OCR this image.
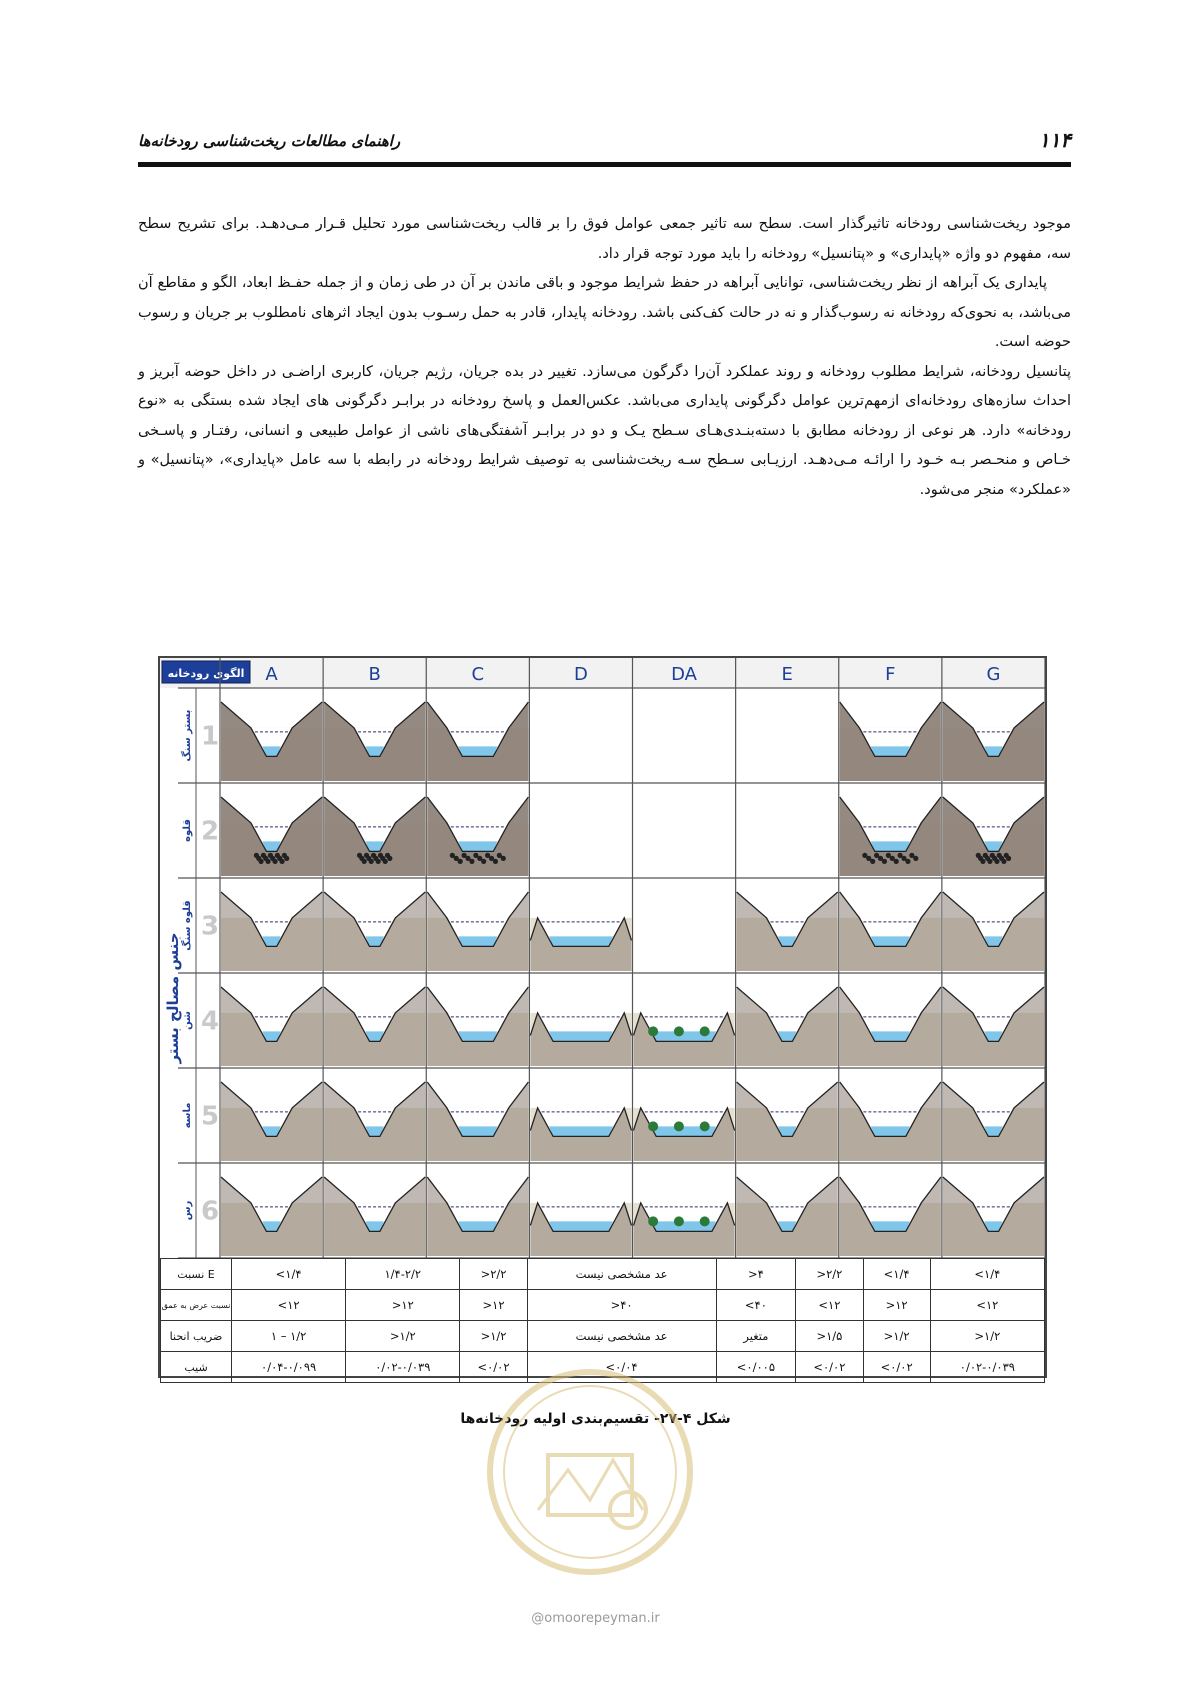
راهنمای مطالعات ریخت‌شناسی رودخانه‌ها	۱۱۴

موجود ریخت‌شناسی رودخانه تاثیرگذار است. سطح سه تاثیر جمعی عوامل فوق را بر قالب ریخت‌شناسی مورد تحلیل قـرار مـی‌دهـد. برای تشریح سطح سه، مفهوم دو واژه «پایداری» و «پتانسیل» رودخانه را باید مورد توجه قرار داد.

پایداری یک آبراهه از نظر ریخت‌شناسی، توانایی آبراهه در حفظ شرایط موجود و باقی ماندن بر آن در طی زمان و از جمله حفـظ ابعاد، الگو و مقاطع آن می‌باشد، به نحوی‌که رودخانه نه رسوب‌گذار و نه در حالت کف‌کنی باشد. رودخانه پایدار، قادر به حمل رسـوب بدون ایجاد اثرهای نامطلوب بر جریان و رسوب حوضه است.

پتانسیل رودخانه، شرایط مطلوب رودخانه و روند عملکرد آن‌را دگرگون می‌سازد. تغییر در بده جریان، رژیم جریان، کاربری اراضـی در داخل حوضه آبریز و احداث سازه‌های رودخانه‌ای ازمهم‌ترین عوامل دگرگونی پایداری می‌باشد. عکس‌العمل و پاسخ رودخانه در برابـر دگرگونی های ایجاد شده بستگی به «نوع رودخانه» دارد. هر نوعی از رودخانه مطابق با دسته‌بنـدی‌هـای سـطح یـک و دو در برابـر آشفتگی‌های ناشی از عوامل طبیعی و انسانی، رفتـار و پاسـخی خـاص و منحـصر بـه خـود را ارائـه مـی‌دهـد. ارزیـابی سـطح سـه ریخت‌شناسی به توصیف شرایط رودخانه در رابطه با سه عامل «پایداری»، «پتانسیل» و «عملکرد» منجر می‌شود.

A	B	C	D	DA	E	F	G
الگوی رودخانه
جنس مصالح بستر
بستر سنگ 1
قلوه 2
قلوه سنگ 3
شن 4
ماسه 5
رس 6
نسبت E	<۱/۴	۱/۴-۲/۲	>۲/۲	عد مشخصی نیست	>۴	>۲/۲	<۱/۴	<۱/۴
نسبت عرض به عمق	<۱۲	>۱۲	>۱۲	>۴۰	<۴۰	<۱۲	>۱۲	<۱۲
ضریب انحنا	۱ – ۱/۲	>۱/۲	>۱/۲	عد مشخصی نیست	متغیر	>۱/۵	>۱/۲	>۱/۲
شیب	۰/۰۴-۰/۰۹۹	۰/۰۲-۰/۰۳۹	<۰/۰۲	<۰/۰۴	<۰/۰۰۵	<۰/۰۲	<۰/۰۲	۰/۰۲-۰/۰۳۹
شکل ۴-۲۷- تقسیم‌بندی اولیه رودخانه‌ها
@omoorepeyman.ir
